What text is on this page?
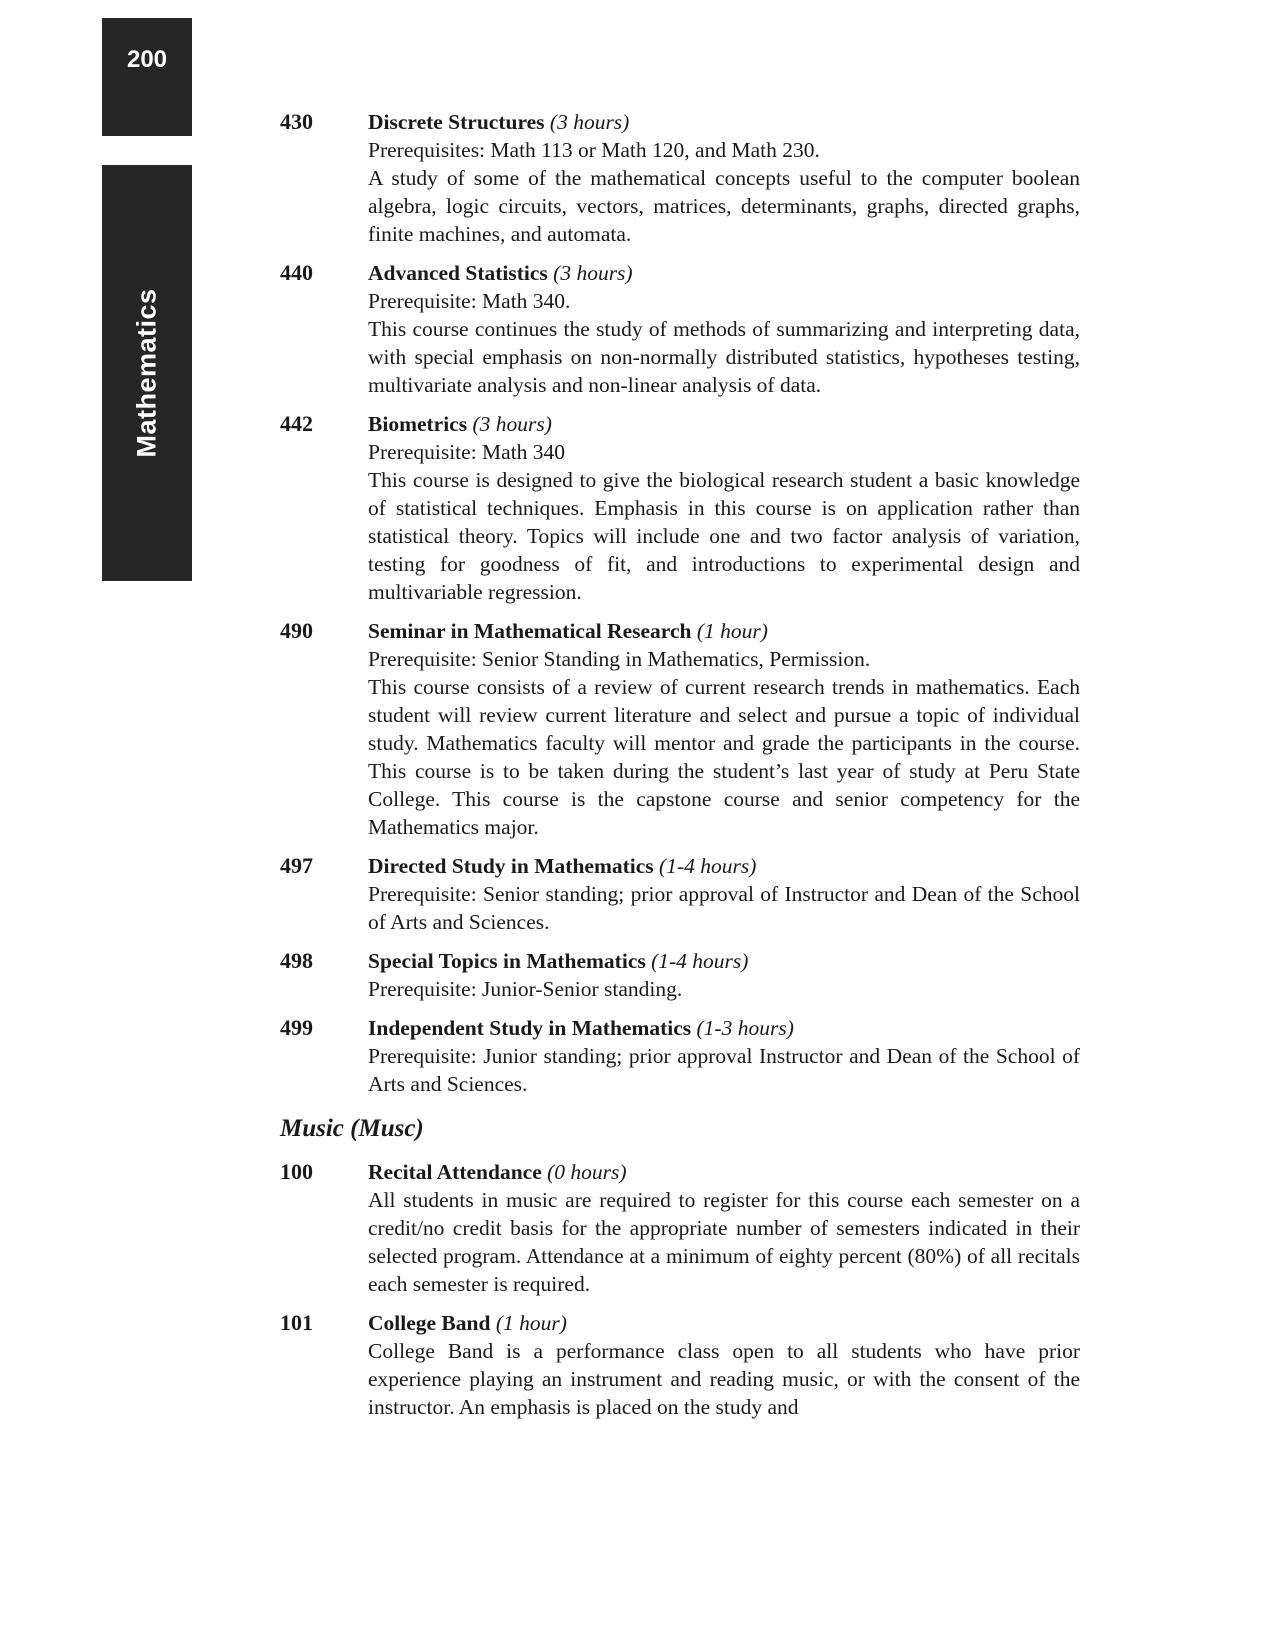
200
Mathematics
430	Discrete Structures (3 hours)
Prerequisites: Math 113 or Math 120, and Math 230.
A study of some of the mathematical concepts useful to the computer boolean algebra, logic circuits, vectors, matrices, determinants, graphs, directed graphs, finite machines, and automata.
440	Advanced Statistics (3 hours)
Prerequisite: Math 340.
This course continues the study of methods of summarizing and interpreting data, with special emphasis on non-normally distributed statistics, hypotheses testing, multivariate analysis and non-linear analysis of data.
442	Biometrics (3 hours)
Prerequisite: Math 340
This course is designed to give the biological research student a basic knowledge of statistical techniques. Emphasis in this course is on application rather than statistical theory. Topics will include one and two factor analysis of variation, testing for goodness of fit, and introductions to experimental design and multivariable regression.
490	Seminar in Mathematical Research (1 hour)
Prerequisite: Senior Standing in Mathematics, Permission.
This course consists of a review of current research trends in mathematics. Each student will review current literature and select and pursue a topic of individual study. Mathematics faculty will mentor and grade the participants in the course. This course is to be taken during the student’s last year of study at Peru State College. This course is the capstone course and senior competency for the Mathematics major.
497	Directed Study in Mathematics (1-4 hours)
Prerequisite: Senior standing; prior approval of Instructor and Dean of the School of Arts and Sciences.
498	Special Topics in Mathematics (1-4 hours)
Prerequisite: Junior-Senior standing.
499	Independent Study in Mathematics (1-3 hours)
Prerequisite: Junior standing; prior approval Instructor and Dean of the School of Arts and Sciences.
Music (Musc)
100	Recital Attendance (0 hours)
All students in music are required to register for this course each semester on a credit/no credit basis for the appropriate number of semesters indicated in their selected program. Attendance at a minimum of eighty percent (80%) of all recitals each semester is required.
101	College Band (1 hour)
College Band is a performance class open to all students who have prior experience playing an instrument and reading music, or with the consent of the instructor. An emphasis is placed on the study and
